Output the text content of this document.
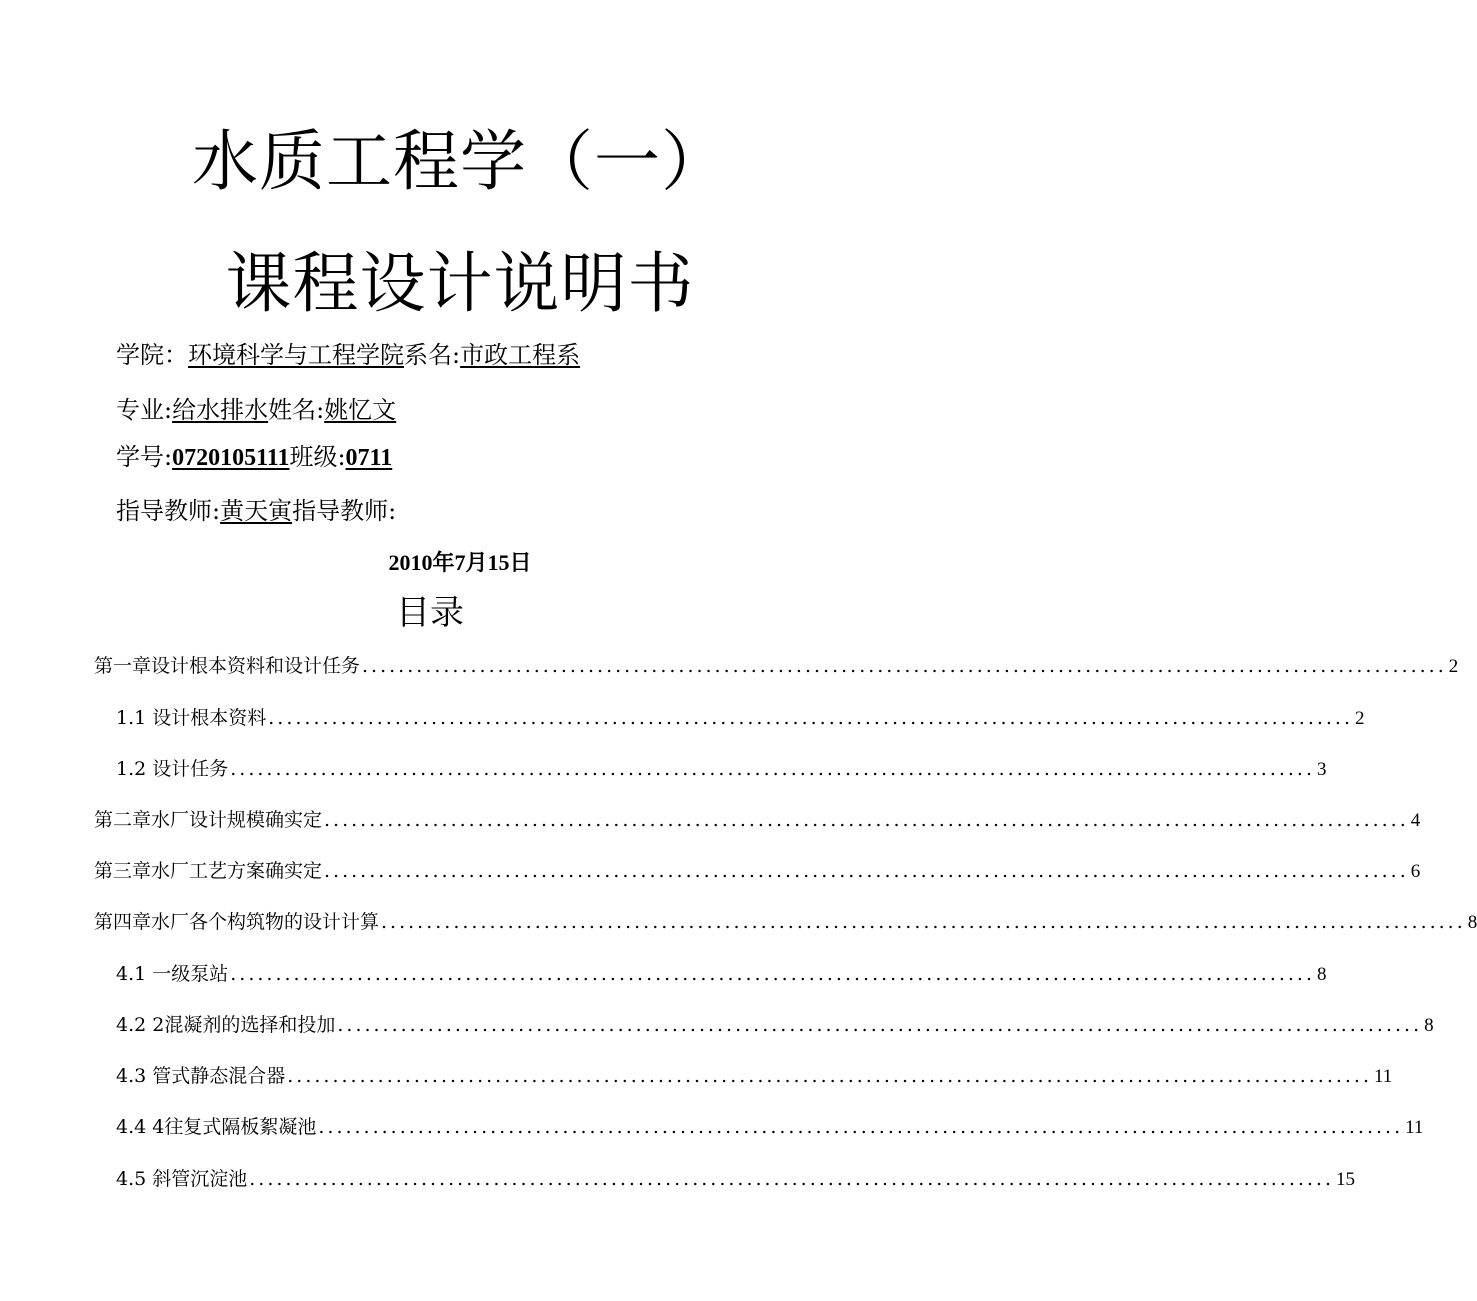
水质工程学（一）
课程设计说明书
学院：环境科学与工程学院系名:市政工程系
专业:给水排水姓名:姚忆文
学号:0720105111班级:0711
指导教师:黄天寅指导教师:
2010年7月15日
目录
第一章设计根本资料和设计任务 ........................................................................................................................ 2
1.1 设计根本资料 ........................................................................................................................ 2
1.2 设计任务 ........................................................................................................................ 3
第二章水厂设计规模确实定 ........................................................................................................................ 4
第三章水厂工艺方案确实定 ........................................................................................................................ 6
第四章水厂各个构筑物的设计计算 ........................................................................................................................ 8
4.1 一级泵站 ........................................................................................................................ 8
4.2 2混凝剂的选择和投加 ........................................................................................................................ 8
4.3 管式静态混合器 ........................................................................................................................ 11
4.4 4往复式隔板絮凝池 ........................................................................................................................ 11
4.5 斜管沉淀池 ........................................................................................................................ 15
